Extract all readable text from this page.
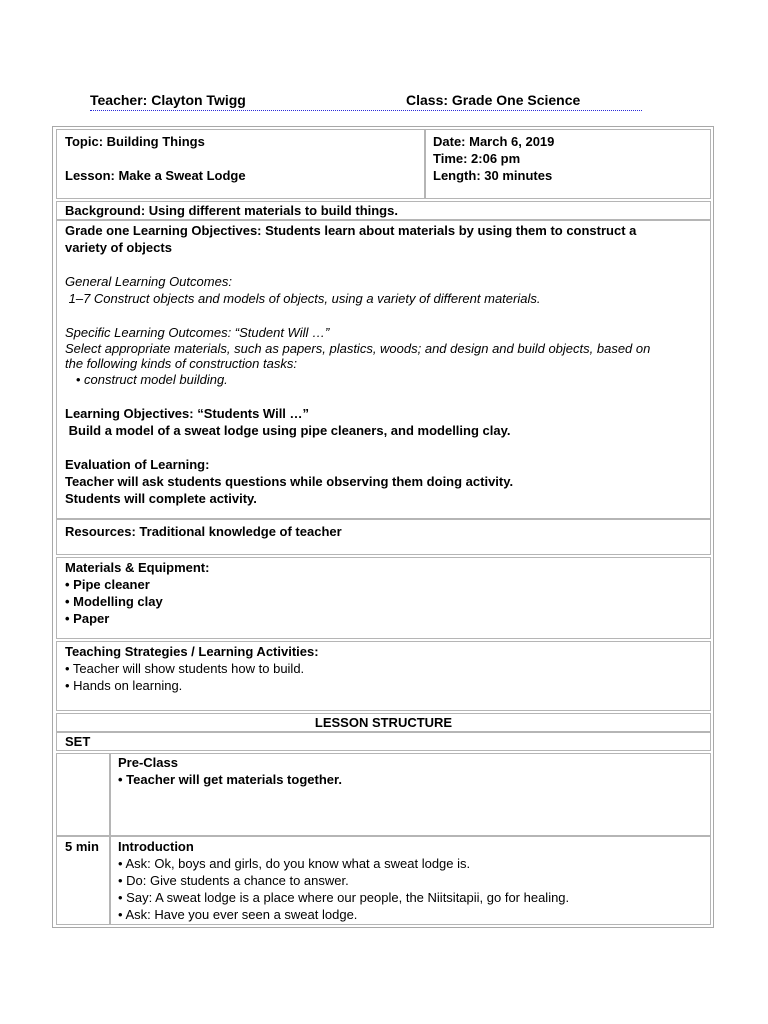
Teacher: Clayton Twigg	Class: Grade One Science

Topic: Building Things

Lesson: Make a Sweat Lodge

Date: March 6, 2019

Time: 2:06 pm

Length: 30 minutes

Background: Using different materials to build things.

Grade one Learning Objectives: Students learn about materials by using them to construct a

variety of objects

General Learning Outcomes:

1–7 Construct objects and models of objects, using a variety of different materials.

Specific Learning Outcomes: “Student Will …”

Select appropriate materials, such as papers, plastics, woods; and design and build objects, based on

the following kinds of construction tasks:

• construct model building.

Learning Objectives: “Students Will …”

Build a model of a sweat lodge using pipe cleaners, and modelling clay.

Evaluation of Learning:

Teacher will ask students questions while observing them doing activity.

Students will complete activity.

Resources: Traditional knowledge of teacher

Materials & Equipment:

• Pipe cleaner

• Modelling clay

• Paper

Teaching Strategies / Learning Activities:

• Teacher will show students how to build.

• Hands on learning.

LESSON STRUCTURE

SET

Pre-Class

• Teacher will get materials together.

5 min Introduction

• Ask: Ok, boys and girls, do you know what a sweat lodge is.

• Do: Give students a chance to answer.

• Say: A sweat lodge is a place where our people, the Niitsitapii, go for healing.

• Ask: Have you ever seen a sweat lodge.
